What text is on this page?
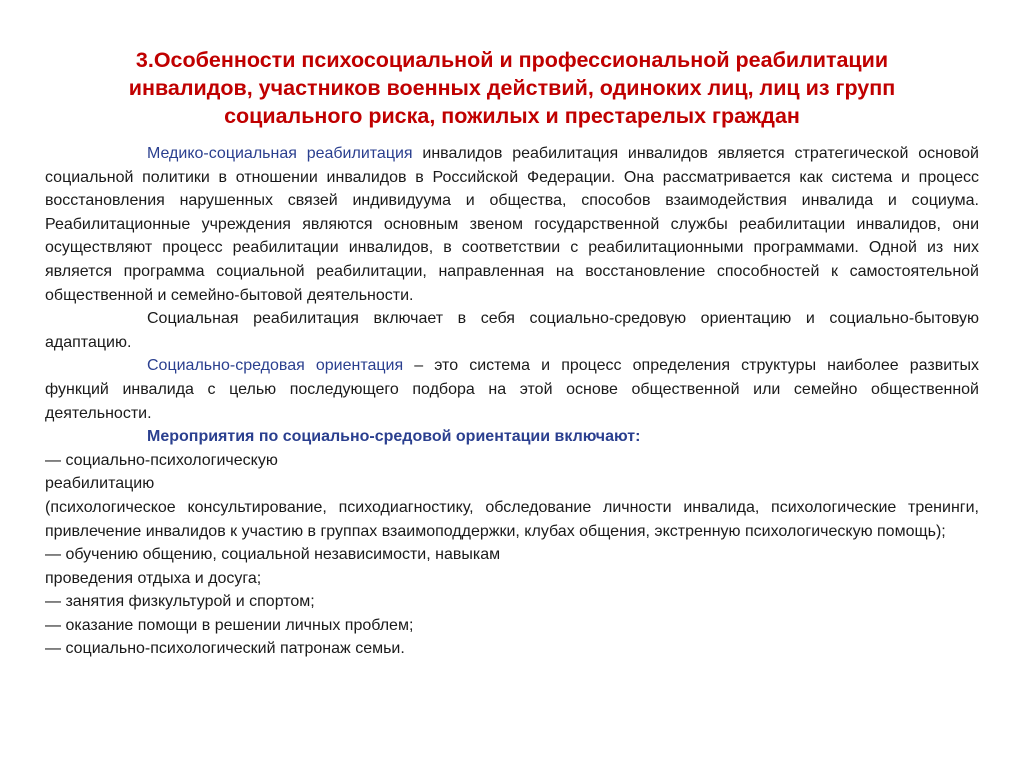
3.Особенности психосоциальной и профессиональной реабилитации
инвалидов, участников военных действий, одиноких лиц, лиц из групп
социального риска, пожилых и престарелых граждан

Медико-социальная реабилитация инвалидов реабилитация инвалидов является стратегической основой социальной политики в отношении инвалидов в Российской Федерации. Она рассматривается как система и процесс восстановления нарушенных связей индивидуума и общества, способов взаимодействия инвалида и социума. Реабилитационные учреждения являются основным звеном государственной службы реабилитации инвалидов, они осуществляют процесс реабилитации инвалидов, в соответствии с реабилитационными программами. Одной из них является программа социальной реабилитации, направленная на восстановление способностей к самостоятельной общественной и семейно-бытовой деятельности.

Социальная реабилитация включает в себя социально-средовую ориентацию и социально-бытовую адаптацию.

Социально-средовая ориентация – это система и процесс определения структуры наиболее развитых функций инвалида с целью последующего подбора на этой основе общественной или семейно общественной деятельности.

Мероприятия по социально-средовой ориентации включают:

— социально-психологическую
реабилитацию

(психологическое консультирование, психодиагностику, обследование личности инвалида, психологические тренинги, привлечение инвалидов к участию в группах взаимоподдержки, клубах общения, экстренную психологическую помощь);

— обучению общению, социальной независимости, навыкам
проведения отдыха и досуга;
— занятия физкультурой и спортом;
— оказание помощи в решении личных проблем;
— социально-психологический патронаж семьи.
